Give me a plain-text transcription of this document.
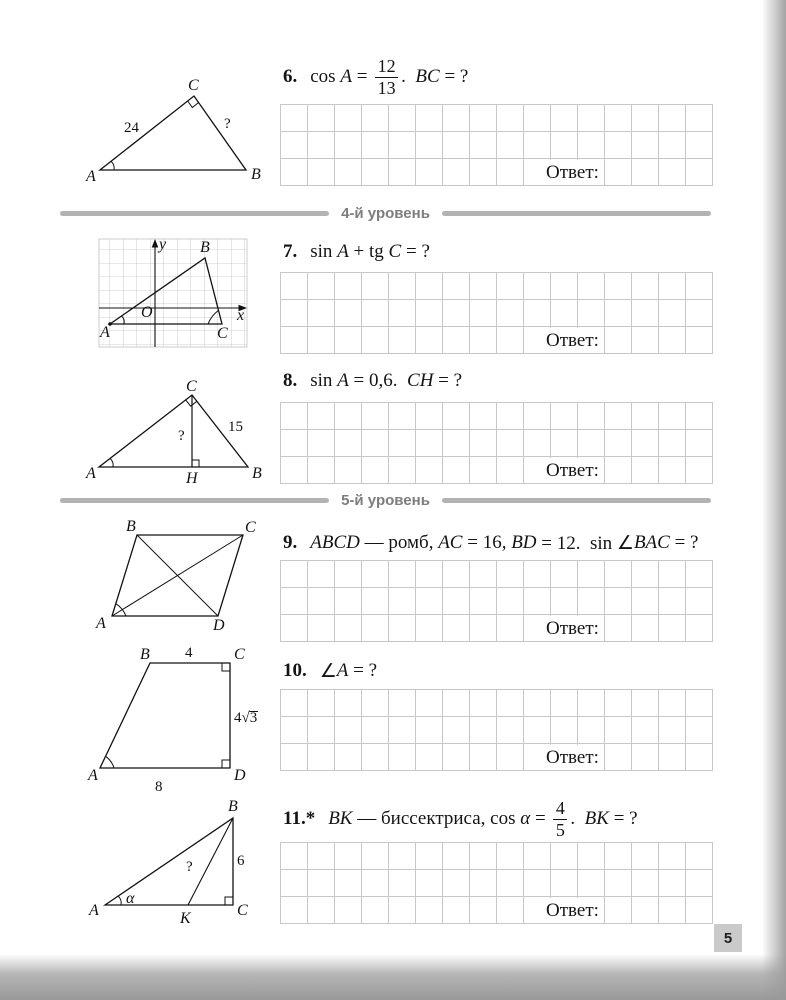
A	B
C
24	?
6. $\cos A = \frac{12}{13}$ . BC = ?
Ответ:
4-й уровень
y
x
O
A
B
C
7. sin A + tg C = ?
Ответ:
A	B
C
H
15
?
8. sin A = 0,6. CH = ?
Ответ:
5-й уровень
B	C
A	D
9. ABCD — ромб, AC = 16, BD = 12.  sin ∠ BAC = ?
Ответ:
B 4	C
4√3
D
A
8
10. ∠ A = ?
Ответ:
α
6
?
A
B
C
K
11.* BK — биссектриса, $\cos \alpha = \frac{4}{5}$ . BK = ?
Ответ:
5
